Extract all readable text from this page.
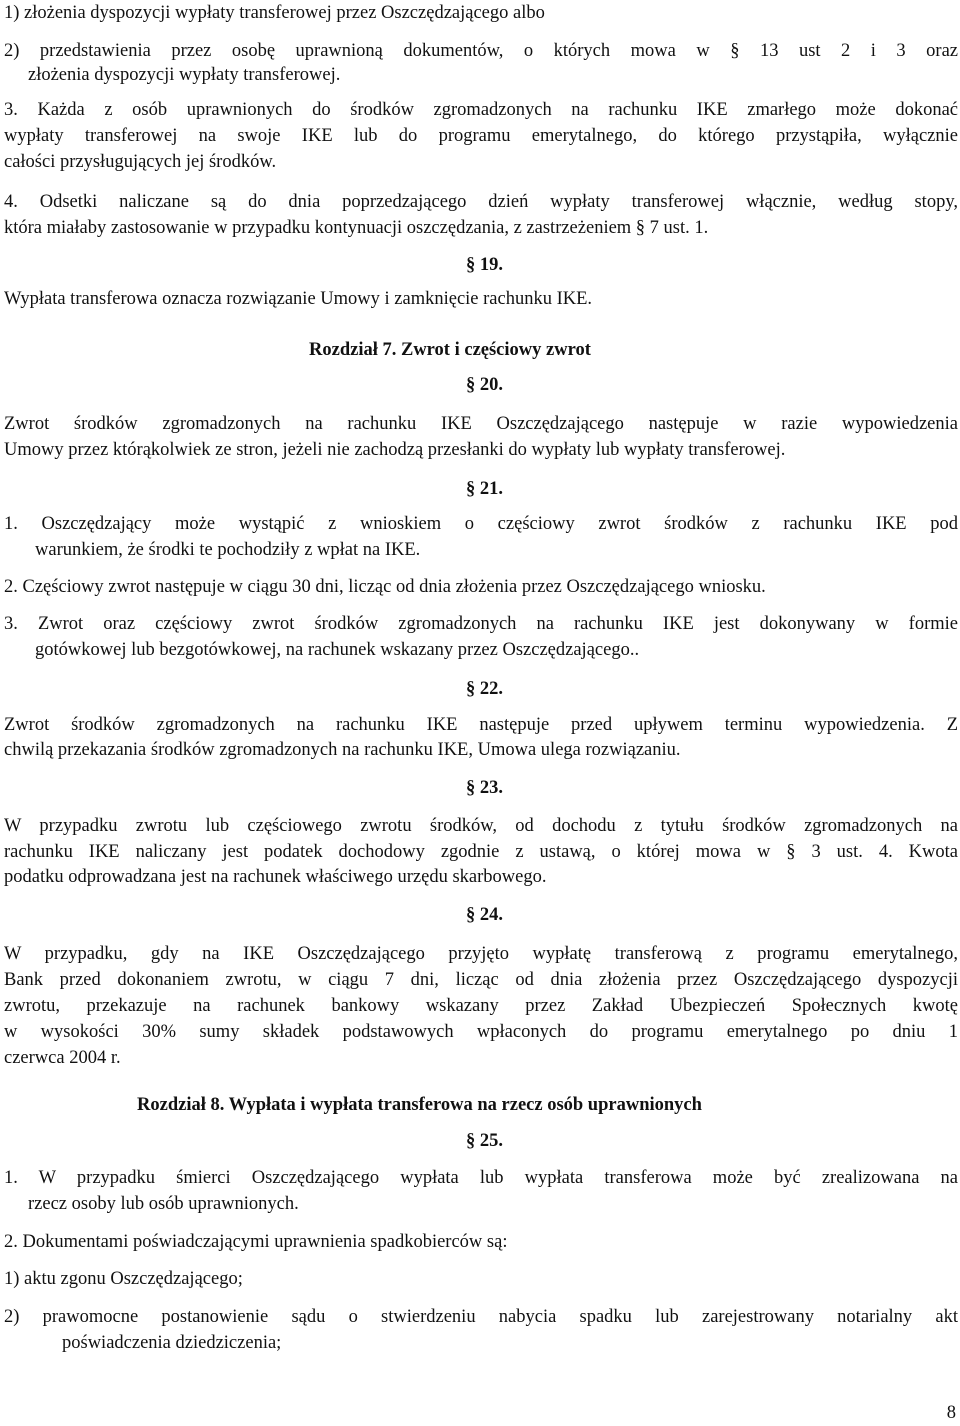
1) złożenia dyspozycji wypłaty transferowej przez Oszczędzającego albo
2) przedstawienia przez osobę uprawnioną dokumentów, o których mowa w § 13 ust 2 i 3 oraz
złożenia dyspozycji wypłaty transferowej.
3. Każda z osób uprawnionych do środków zgromadzonych na rachunku IKE zmarłego może dokonać
wypłaty transferowej na swoje IKE lub do programu emerytalnego, do którego przystąpiła, wyłącznie
całości przysługujących jej środków.
4. Odsetki naliczane są do dnia poprzedzającego dzień wypłaty transferowej włącznie, według stopy,
która miałaby zastosowanie w przypadku kontynuacji oszczędzania, z zastrzeżeniem § 7 ust. 1.
§ 19.
Wypłata transferowa oznacza rozwiązanie Umowy i zamknięcie rachunku IKE.
Rozdział 7. Zwrot i częściowy zwrot
§ 20.
Zwrot środków zgromadzonych na rachunku IKE Oszczędzającego następuje w razie wypowiedzenia
Umowy przez którąkolwiek ze stron, jeżeli nie zachodzą przesłanki do wypłaty lub wypłaty transferowej.
§ 21.
1. Oszczędzający może wystąpić z wnioskiem o częściowy zwrot środków z rachunku IKE pod
warunkiem, że środki te pochodziły z wpłat na IKE.
2. Częściowy zwrot następuje w ciągu 30 dni, licząc od dnia złożenia przez Oszczędzającego wniosku.
3. Zwrot oraz częściowy zwrot środków zgromadzonych na rachunku IKE jest dokonywany w formie
gotówkowej lub bezgotówkowej, na rachunek wskazany przez Oszczędzającego..
§ 22.
Zwrot środków zgromadzonych na rachunku IKE następuje przed upływem terminu wypowiedzenia. Z
chwilą przekazania środków zgromadzonych na rachunku IKE, Umowa ulega rozwiązaniu.
§ 23.
W przypadku zwrotu lub częściowego zwrotu środków, od dochodu z tytułu środków zgromadzonych na
rachunku IKE naliczany jest podatek dochodowy zgodnie z ustawą, o której mowa w § 3 ust. 4. Kwota
podatku odprowadzana jest na rachunek właściwego urzędu skarbowego.
§ 24.
W przypadku, gdy na IKE Oszczędzającego przyjęto wypłatę transferową z programu emerytalnego,
Bank przed dokonaniem zwrotu, w ciągu 7 dni, licząc od dnia złożenia przez Oszczędzającego dyspozycji
zwrotu, przekazuje na rachunek bankowy wskazany przez Zakład Ubezpieczeń Społecznych kwotę
w wysokości 30% sumy składek podstawowych wpłaconych do programu emerytalnego po dniu 1
czerwca 2004 r.
Rozdział 8. Wypłata i wypłata transferowa na rzecz osób uprawnionych
§ 25.
1. W przypadku śmierci Oszczędzającego wypłata lub wypłata transferowa może być zrealizowana na
rzecz osoby lub osób uprawnionych.
2. Dokumentami poświadczającymi uprawnienia spadkobierców są:
1) aktu zgonu Oszczędzającego;
2) prawomocne postanowienie sądu o stwierdzeniu nabycia spadku lub zarejestrowany notarialny akt
poświadczenia dziedziczenia;
8
